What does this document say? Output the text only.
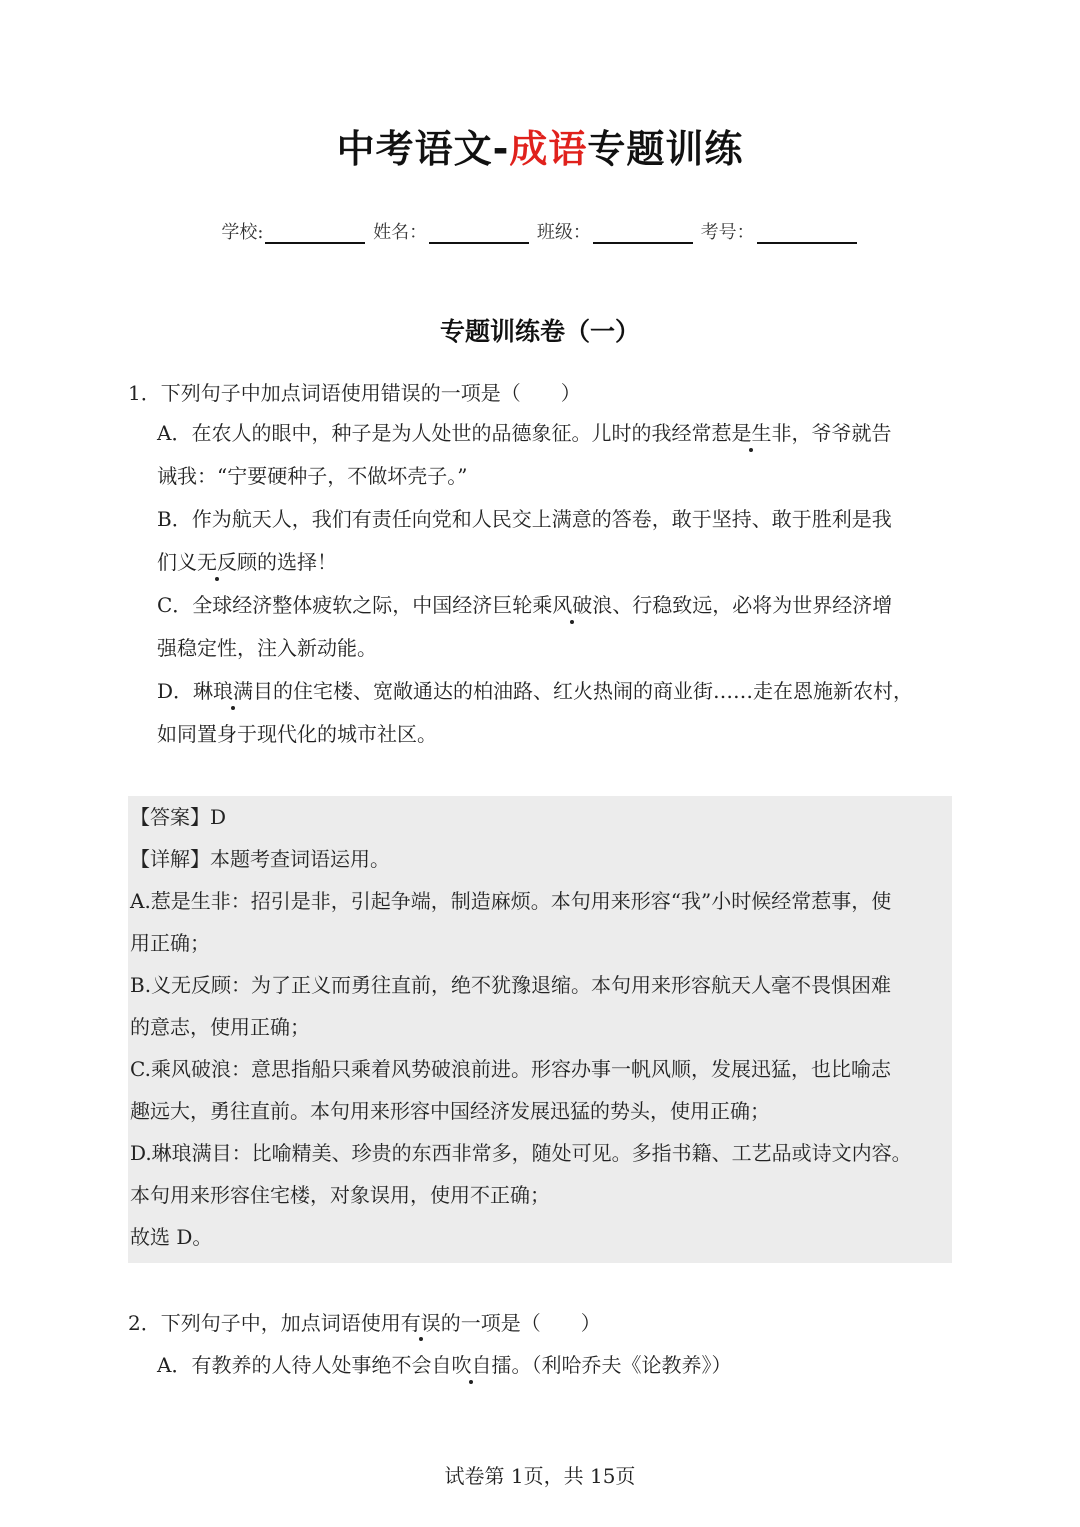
中考语文-成语专题训练
学校:	姓名：	班级：	考号：
专题训练卷（一）
1．下列句子中加点词语使用错误的一项是（　　）
A．在农人的眼中，种子是为人处世的品德象征。儿时的我经常惹是生非，爷爷就告
诫我：“宁要硬种子，不做坏壳子。”
B．作为航天人，我们有责任向党和人民交上满意的答卷，敢于坚持、敢于胜利是我
们义无反顾的选择！
C．全球经济整体疲软之际，中国经济巨轮乘风破浪、行稳致远，必将为世界经济增
强稳定性，注入新动能。
D．琳琅满目的住宅楼、宽敞通达的柏油路、红火热闹的商业街……走在恩施新农村，
如同置身于现代化的城市社区。
【答案】D
【详解】本题考查词语运用。
A.惹是生非：招引是非，引起争端，制造麻烦。本句用来形容“我”小时候经常惹事，使
用正确；
B.义无反顾：为了正义而勇往直前，绝不犹豫退缩。本句用来形容航天人毫不畏惧困难
的意志，使用正确；
C.乘风破浪：意思指船只乘着风势破浪前进。形容办事一帆风顺，发展迅猛，也比喻志
趣远大，勇往直前。本句用来形容中国经济发展迅猛的势头，使用正确；
D.琳琅满目：比喻精美、珍贵的东西非常多，随处可见。多指书籍、工艺品或诗文内容。
本句用来形容住宅楼，对象误用，使用不正确；
故选 D。
2．下列句子中，加点词语使用有误的一项是（　　）
A．有教养的人待人处事绝不会自吹自擂。（利哈乔夫《论教养》）
试卷第 1页，共 15页
